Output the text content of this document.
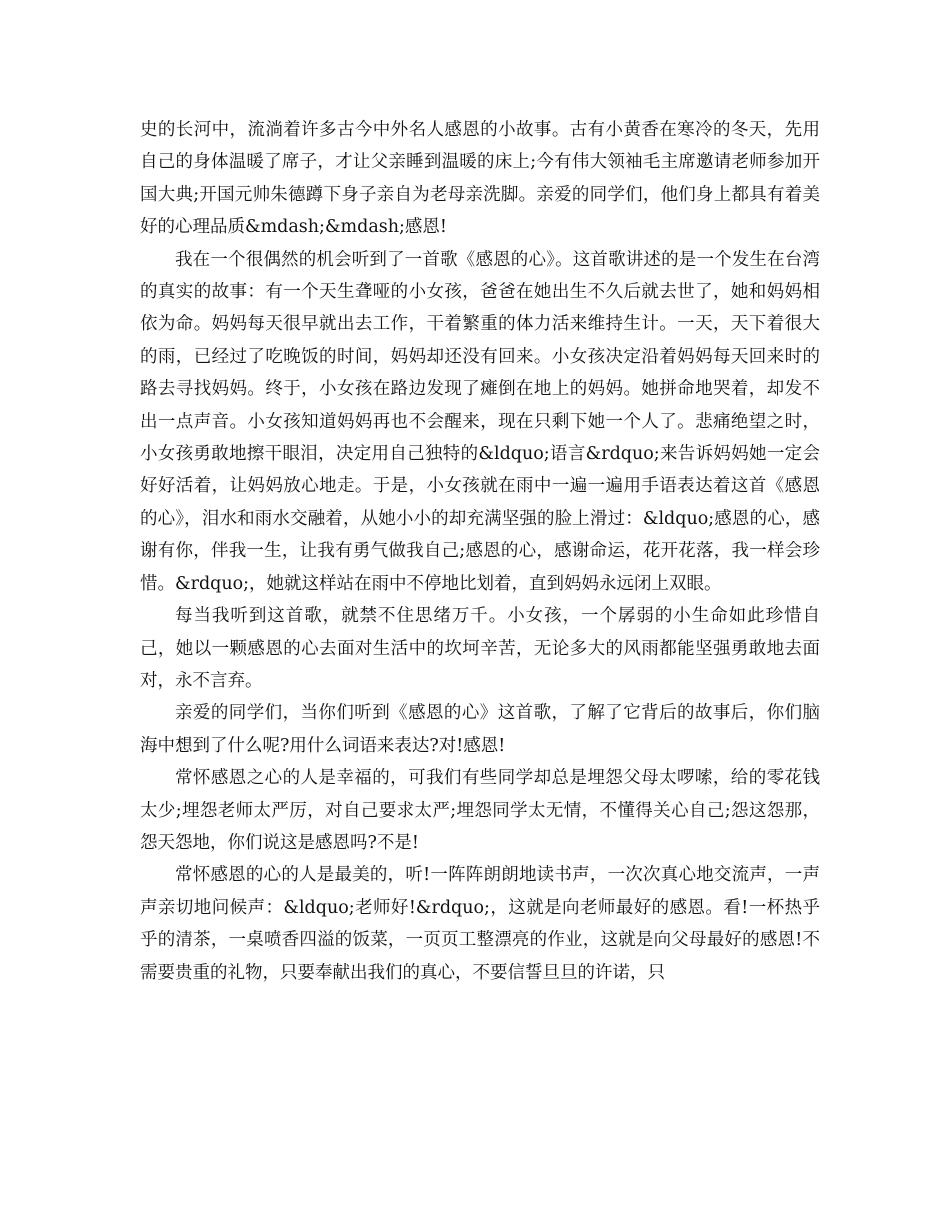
史的长河中，流淌着许多古今中外名人感恩的小故事。古有小黄香在寒冷的冬天，先用自己的身体温暖了席子，才让父亲睡到温暖的床上;今有伟大领袖毛主席邀请老师参加开国大典;开国元帅朱德蹲下身子亲自为老母亲洗脚。亲爱的同学们，他们身上都具有着美好的心理品质&mdash;&mdash;感恩!

我在一个很偶然的机会听到了一首歌《感恩的心》。这首歌讲述的是一个发生在台湾的真实的故事：有一个天生聋哑的小女孩，爸爸在她出生不久后就去世了，她和妈妈相依为命。妈妈每天很早就出去工作，干着繁重的体力活来维持生计。一天，天下着很大的雨，已经过了吃晚饭的时间，妈妈却还没有回来。小女孩决定沿着妈妈每天回来时的路去寻找妈妈。终于，小女孩在路边发现了瘫倒在地上的妈妈。她拼命地哭着，却发不出一点声音。小女孩知道妈妈再也不会醒来，现在只剩下她一个人了。悲痛绝望之时，小女孩勇敢地擦干眼泪，决定用自己独特的&ldquo;语言&rdquo;来告诉妈妈她一定会好好活着，让妈妈放心地走。于是，小女孩就在雨中一遍一遍用手语表达着这首《感恩的心》，泪水和雨水交融着，从她小小的却充满坚强的脸上滑过：&ldquo;感恩的心，感谢有你，伴我一生，让我有勇气做我自己;感恩的心，感谢命运，花开花落，我一样会珍惜。&rdquo;，她就这样站在雨中不停地比划着，直到妈妈永远闭上双眼。

每当我听到这首歌，就禁不住思绪万千。小女孩，一个孱弱的小生命如此珍惜自己，她以一颗感恩的心去面对生活中的坎坷辛苦，无论多大的风雨都能坚强勇敢地去面对，永不言弃。

亲爱的同学们，当你们听到《感恩的心》这首歌，了解了它背后的故事后，你们脑海中想到了什么呢?用什么词语来表达?对!感恩!

常怀感恩之心的人是幸福的，可我们有些同学却总是埋怨父母太啰嗦，给的零花钱太少;埋怨老师太严厉，对自己要求太严;埋怨同学太无情，不懂得关心自己;怨这怨那，怨天怨地，你们说这是感恩吗?不是!

常怀感恩的心的人是最美的，听!一阵阵朗朗地读书声，一次次真心地交流声，一声声亲切地问候声：&ldquo;老师好!&rdquo;，这就是向老师最好的感恩。看!一杯热乎乎的清茶，一桌喷香四溢的饭菜，一页页工整漂亮的作业，这就是向父母最好的感恩!不需要贵重的礼物，只要奉献出我们的真心，不要信誓旦旦的许诺，只
